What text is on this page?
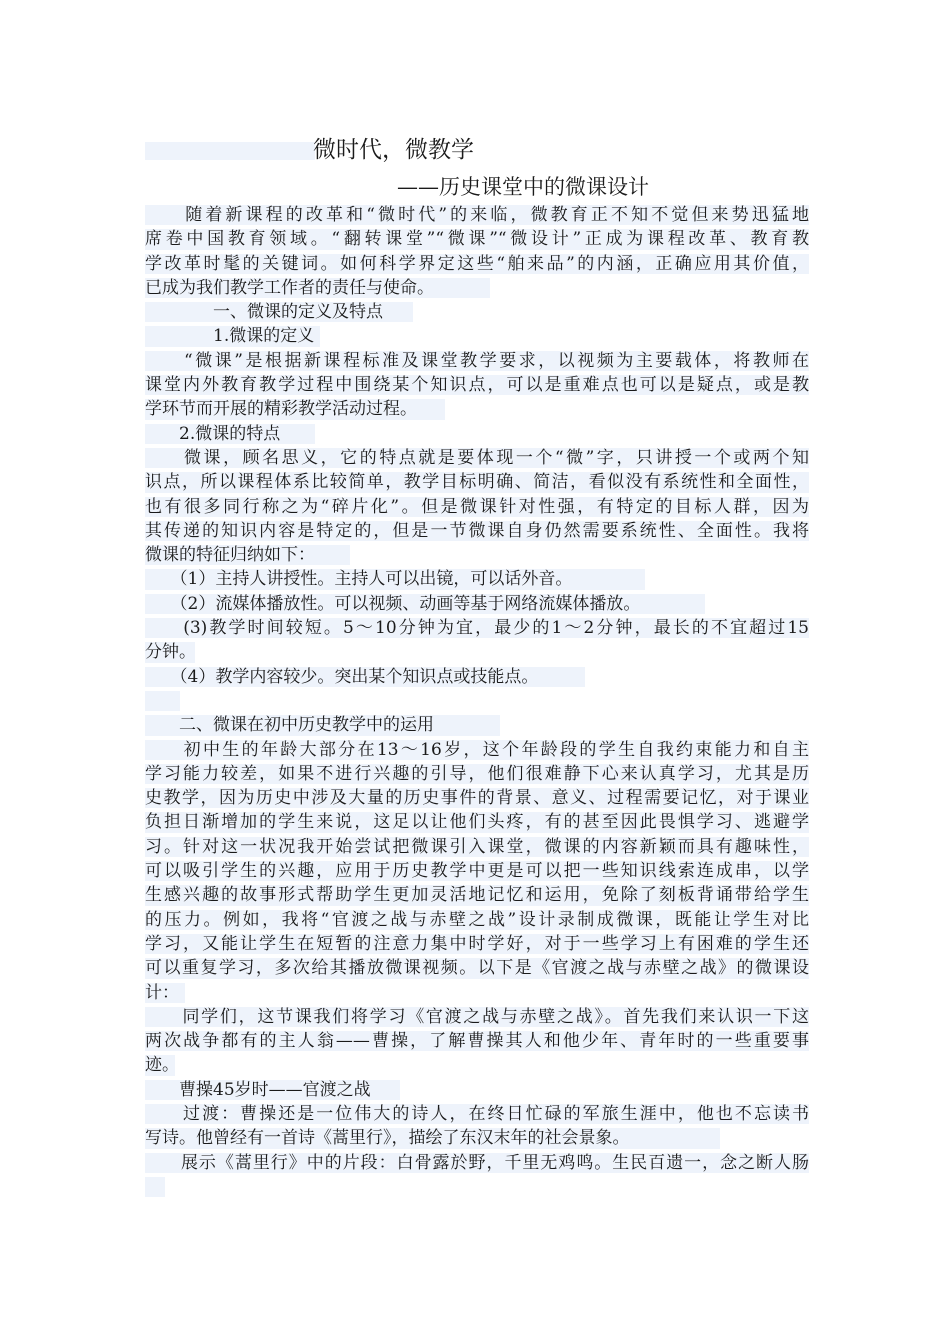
微时代，微教学
——历史课堂中的微课设计
　　随着新课程的改革和“微时代”的来临，微教育正不知不觉但来势迅猛地
席卷中国教育领域。“翻转课堂”“微课”“微设计”正成为课程改革、教育教
学改革时髦的关键词。如何科学界定这些“舶来品”的内涵，正确应用其价值，
已成为我们教学工作者的责任与使命。
　　　　一、微课的定义及特点
　　　　1.微课的定义
　　“微课”是根据新课程标准及课堂教学要求，以视频为主要载体，将教师在
课堂内外教育教学过程中围绕某个知识点，可以是重难点也可以是疑点，或是教
学环节而开展的精彩教学活动过程。
　　2.微课的特点
　　微课，顾名思义，它的特点就是要体现一个“微”字，只讲授一个或两个知
识点，所以课程体系比较简单，教学目标明确、简洁，看似没有系统性和全面性，
也有很多同行称之为“碎片化”。但是微课针对性强，有特定的目标人群，因为
其传递的知识内容是特定的，但是一节微课自身仍然需要系统性、全面性。我将
微课的特征归纳如下：
　　（1）主持人讲授性。主持人可以出镜，可以话外音。
　　（2）流媒体播放性。可以视频、动画等基于网络流媒体播放。
　　(3)教学时间较短。5～10分钟为宜，最少的1～2分钟，最长的不宜超过15
分钟。
　　（4）教学内容较少。突出某个知识点或技能点。
　　二、微课在初中历史教学中的运用
　　初中生的年龄大部分在13～16岁，这个年龄段的学生自我约束能力和自主
学习能力较差，如果不进行兴趣的引导，他们很难静下心来认真学习，尤其是历
史教学，因为历史中涉及大量的历史事件的背景、意义、过程需要记忆，对于课业
负担日渐增加的学生来说，这足以让他们头疼，有的甚至因此畏惧学习、逃避学
习。针对这一状况我开始尝试把微课引入课堂，微课的内容新颖而具有趣味性，
可以吸引学生的兴趣，应用于历史教学中更是可以把一些知识线索连成串，以学
生感兴趣的故事形式帮助学生更加灵活地记忆和运用，免除了刻板背诵带给学生
的压力。例如，我将“官渡之战与赤壁之战”设计录制成微课，既能让学生对比
学习，又能让学生在短暂的注意力集中时学好，对于一些学习上有困难的学生还
可以重复学习，多次给其播放微课视频。以下是《官渡之战与赤壁之战》的微课设
计：
　　同学们，这节课我们将学习《官渡之战与赤壁之战》。首先我们来认识一下这
两次战争都有的主人翁——曹操，了解曹操其人和他少年、青年时的一些重要事
迹。
　　曹操45岁时——官渡之战
　　过渡：曹操还是一位伟大的诗人，在终日忙碌的军旅生涯中，他也不忘读书
写诗。他曾经有一首诗《蒿里行》，描绘了东汉末年的社会景象。
　　展示《蒿里行》中的片段：白骨露於野，千里无鸡鸣。生民百遗一，念之断人肠
